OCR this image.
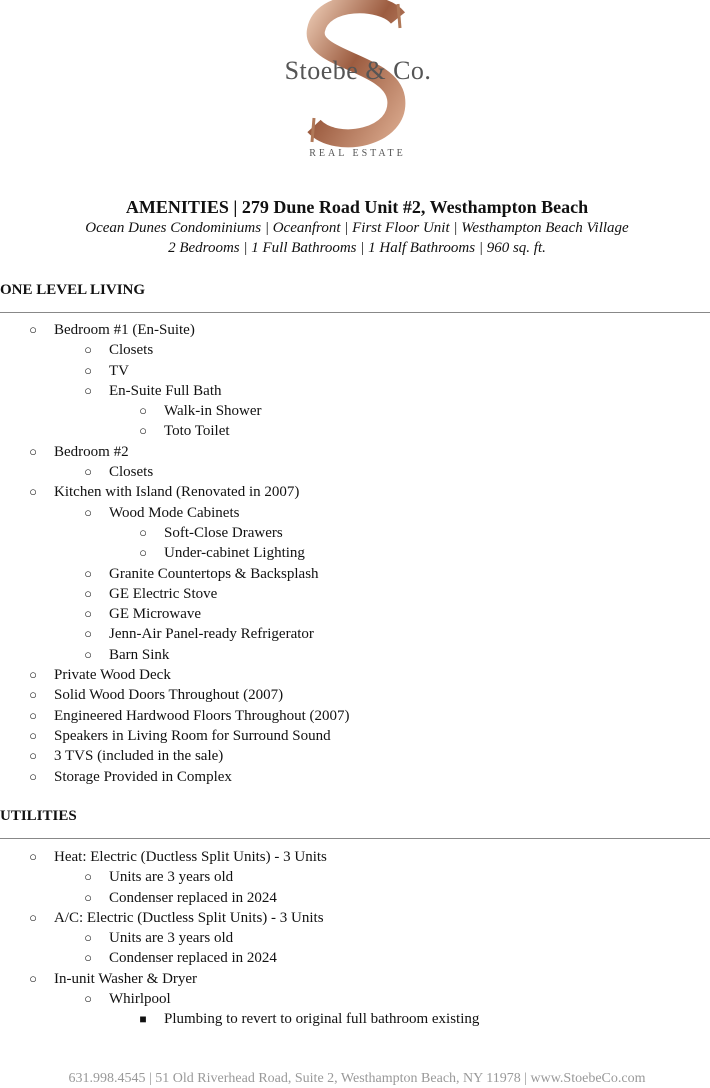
Stoebe & Co.
REAL ESTATE
AMENITIES | 279 Dune Road Unit #2, Westhampton Beach
Ocean Dunes Condominiums | Oceanfront | First Floor Unit | Westhampton Beach Village
2 Bedrooms | 1 Full Bathrooms | 1 Half Bathrooms | 960 sq. ft.
ONE LEVEL LIVING
○ Bedroom #1 (En-Suite)
○ Closets
○ TV
○ En-Suite Full Bath
○ Walk-in Shower
○ Toto Toilet
○ Bedroom #2
○ Closets
○ Kitchen with Island (Renovated in 2007)
○ Wood Mode Cabinets
○ Soft-Close Drawers
○ Under-cabinet Lighting
○ Granite Countertops & Backsplash
○ GE Electric Stove
○ GE Microwave
○ Jenn-Air Panel-ready Refrigerator
○ Barn Sink
○ Private Wood Deck
○ Solid Wood Doors Throughout (2007)
○ Engineered Hardwood Floors Throughout (2007)
○ Speakers in Living Room for Surround Sound
○ 3 TVS (included in the sale)
○ Storage Provided in Complex
UTILITIES
○ Heat: Electric (Ductless Split Units) - 3 Units
○ Units are 3 years old
○ Condenser replaced in 2024
○ A/C: Electric (Ductless Split Units) - 3 Units
○ Units are 3 years old
○ Condenser replaced in 2024
○ In-unit Washer & Dryer
○ Whirlpool
■ Plumbing to revert to original full bathroom existing
631.998.4545 | 51 Old Riverhead Road, Suite 2, Westhampton Beach, NY 11978 | www.StoebeCo.com
